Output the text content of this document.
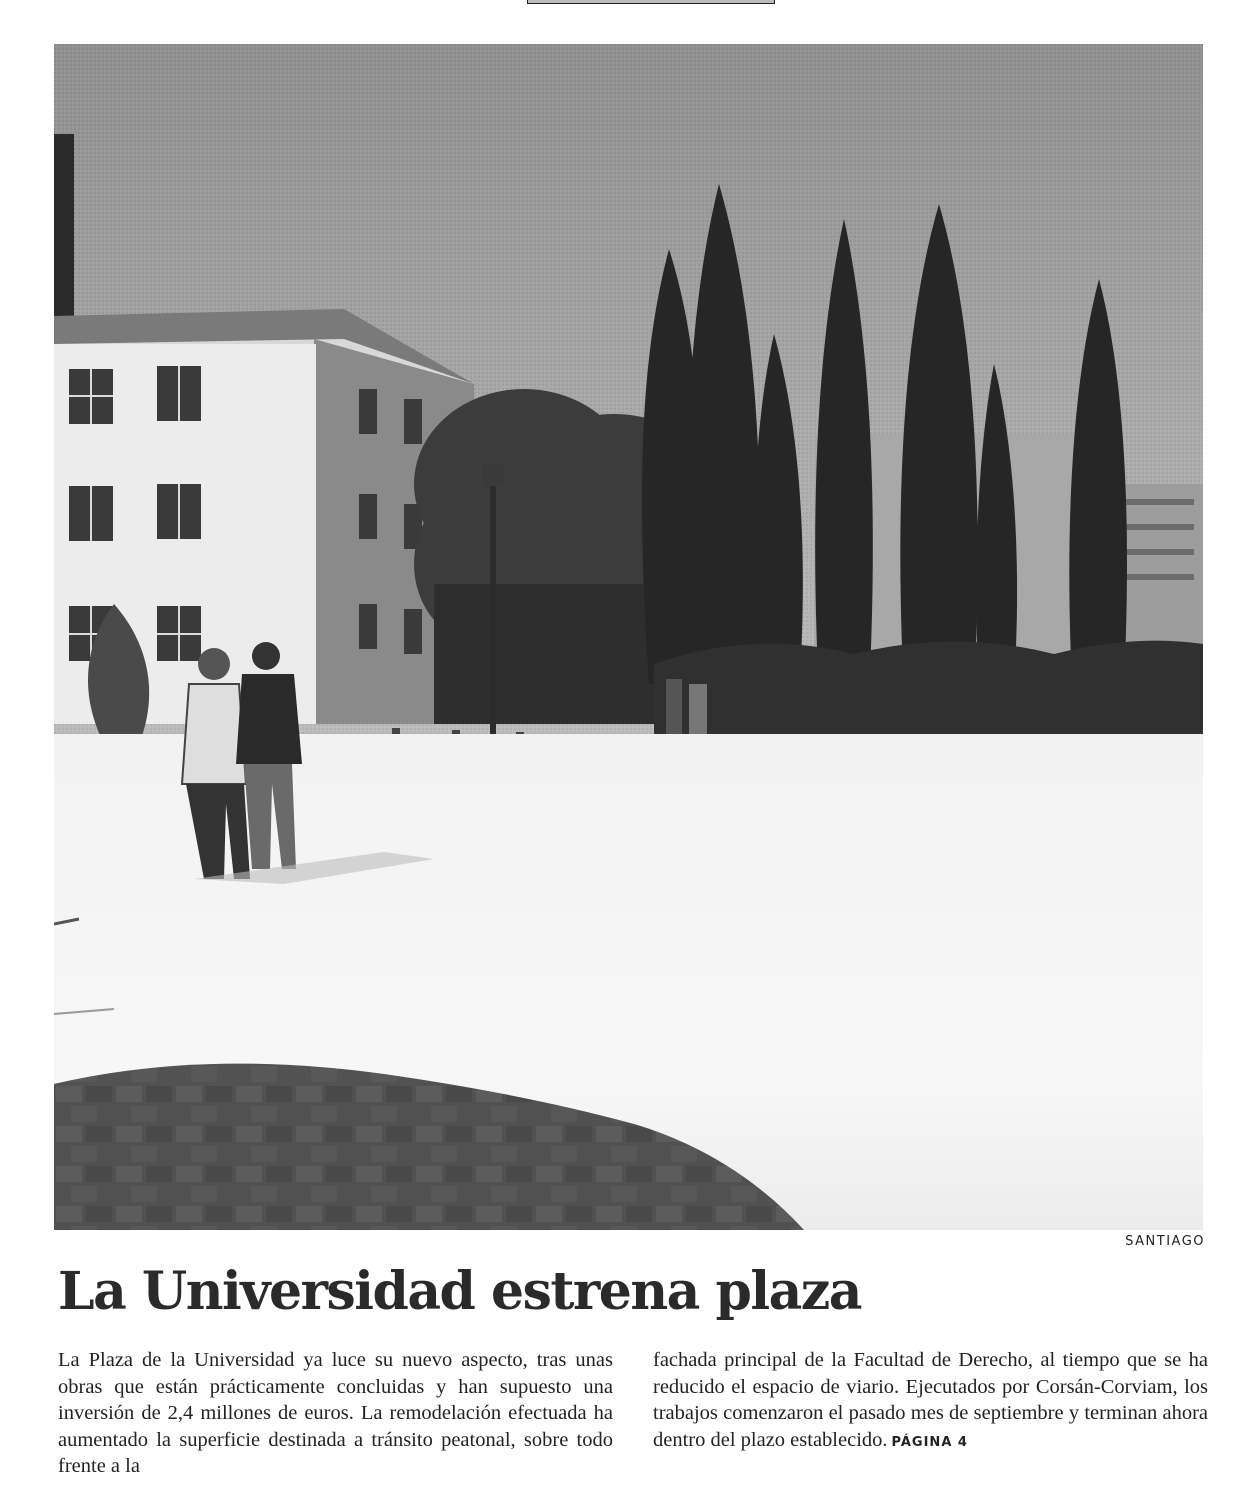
SANTIAGO
La Universidad estrena plaza

La Plaza de la Universidad ya luce su nuevo aspecto, tras unas obras que están prácticamente concluidas y han supuesto una inversión de 2,4 millones de euros. La remodelación efectuada ha aumentado la superficie destinada a tránsito peatonal, sobre todo frente a la

fachada principal de la Facultad de Derecho, al tiempo que se ha reducido el espacio de viario. Ejecutados por Corsán-Corviam, los trabajos comenzaron el pasado mes de septiembre y terminan ahora dentro del plazo establecido. PÁGINA 4
